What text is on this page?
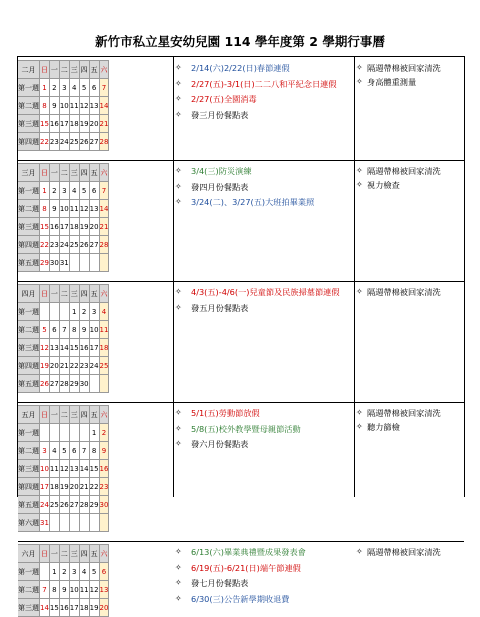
新竹市私立星安幼兒園 114 學年度第 2 學期行事曆
二月	日	一	二	三	四	五	六
第一週	1	2	3	4	5	6	7
第二週	8	9	10	11	12	13	14
第三週	15	16	17	18	19	20	21
第四週	22	23	24	25	26	27	28
✧ 2/14(六)2/22(日)春節連假
✧ 2/27(五)-3/1(日)二二八和平紀念日連假
✧ 2/27(五)全園消毒
✧ 發三月份餐點表
✧ 隔週帶棉被回家清洗
✧ 身高體重測量
三月	日	一	二	三	四	五	六
第一週	1	2	3	4	5	6	7
第二週	8	9	10	11	12	13	14
第三週	15	16	17	18	19	20	21
第四週	22	23	24	25	26	27	28
第五週	29	30	31				
✧ 3/4(三)防災演練
✧ 發四月份餐點表
✧ 3/24(二)、3/27(五)大班拍畢業照
✧ 隔週帶棉被回家清洗
✧ 視力檢查
四月	日	一	二	三	四	五	六
第一週				1	2	3	4
第二週	5	6	7	8	9	10	11
第三週	12	13	14	15	16	17	18
第四週	19	20	21	22	23	24	25
第五週	26	27	28	29	30		
✧ 4/3(五)-4/6(一)兒童節及民族掃墓節連假
✧ 發五月份餐點表
✧ 隔週帶棉被回家清洗
五月	日	一	二	三	四	五	六
第一週						1	2
第二週	3	4	5	6	7	8	9
第三週	10	11	12	13	14	15	16
第四週	17	18	19	20	21	22	23
第五週	24	25	26	27	28	29	30
第六週	31						
✧ 5/1(五)勞動節放假
✧ 5/8(五)校外教學暨母親節活動
✧ 發六月份餐點表
✧ 隔週帶棉被回家清洗
✧ 聽力篩檢
六月	日	一	二	三	四	五	六
第一週		1	2	3	4	5	6
第二週	7	8	9	10	11	12	13
第三週	14	15	16	17	18	19	20
✧ 6/13(六)畢業典禮暨成果發表會
✧ 6/19(五)-6/21(日)端午節連假
✧ 發七月份餐點表
✧ 6/30(三)公告新學期收退費
✧ 隔週帶棉被回家清洗
